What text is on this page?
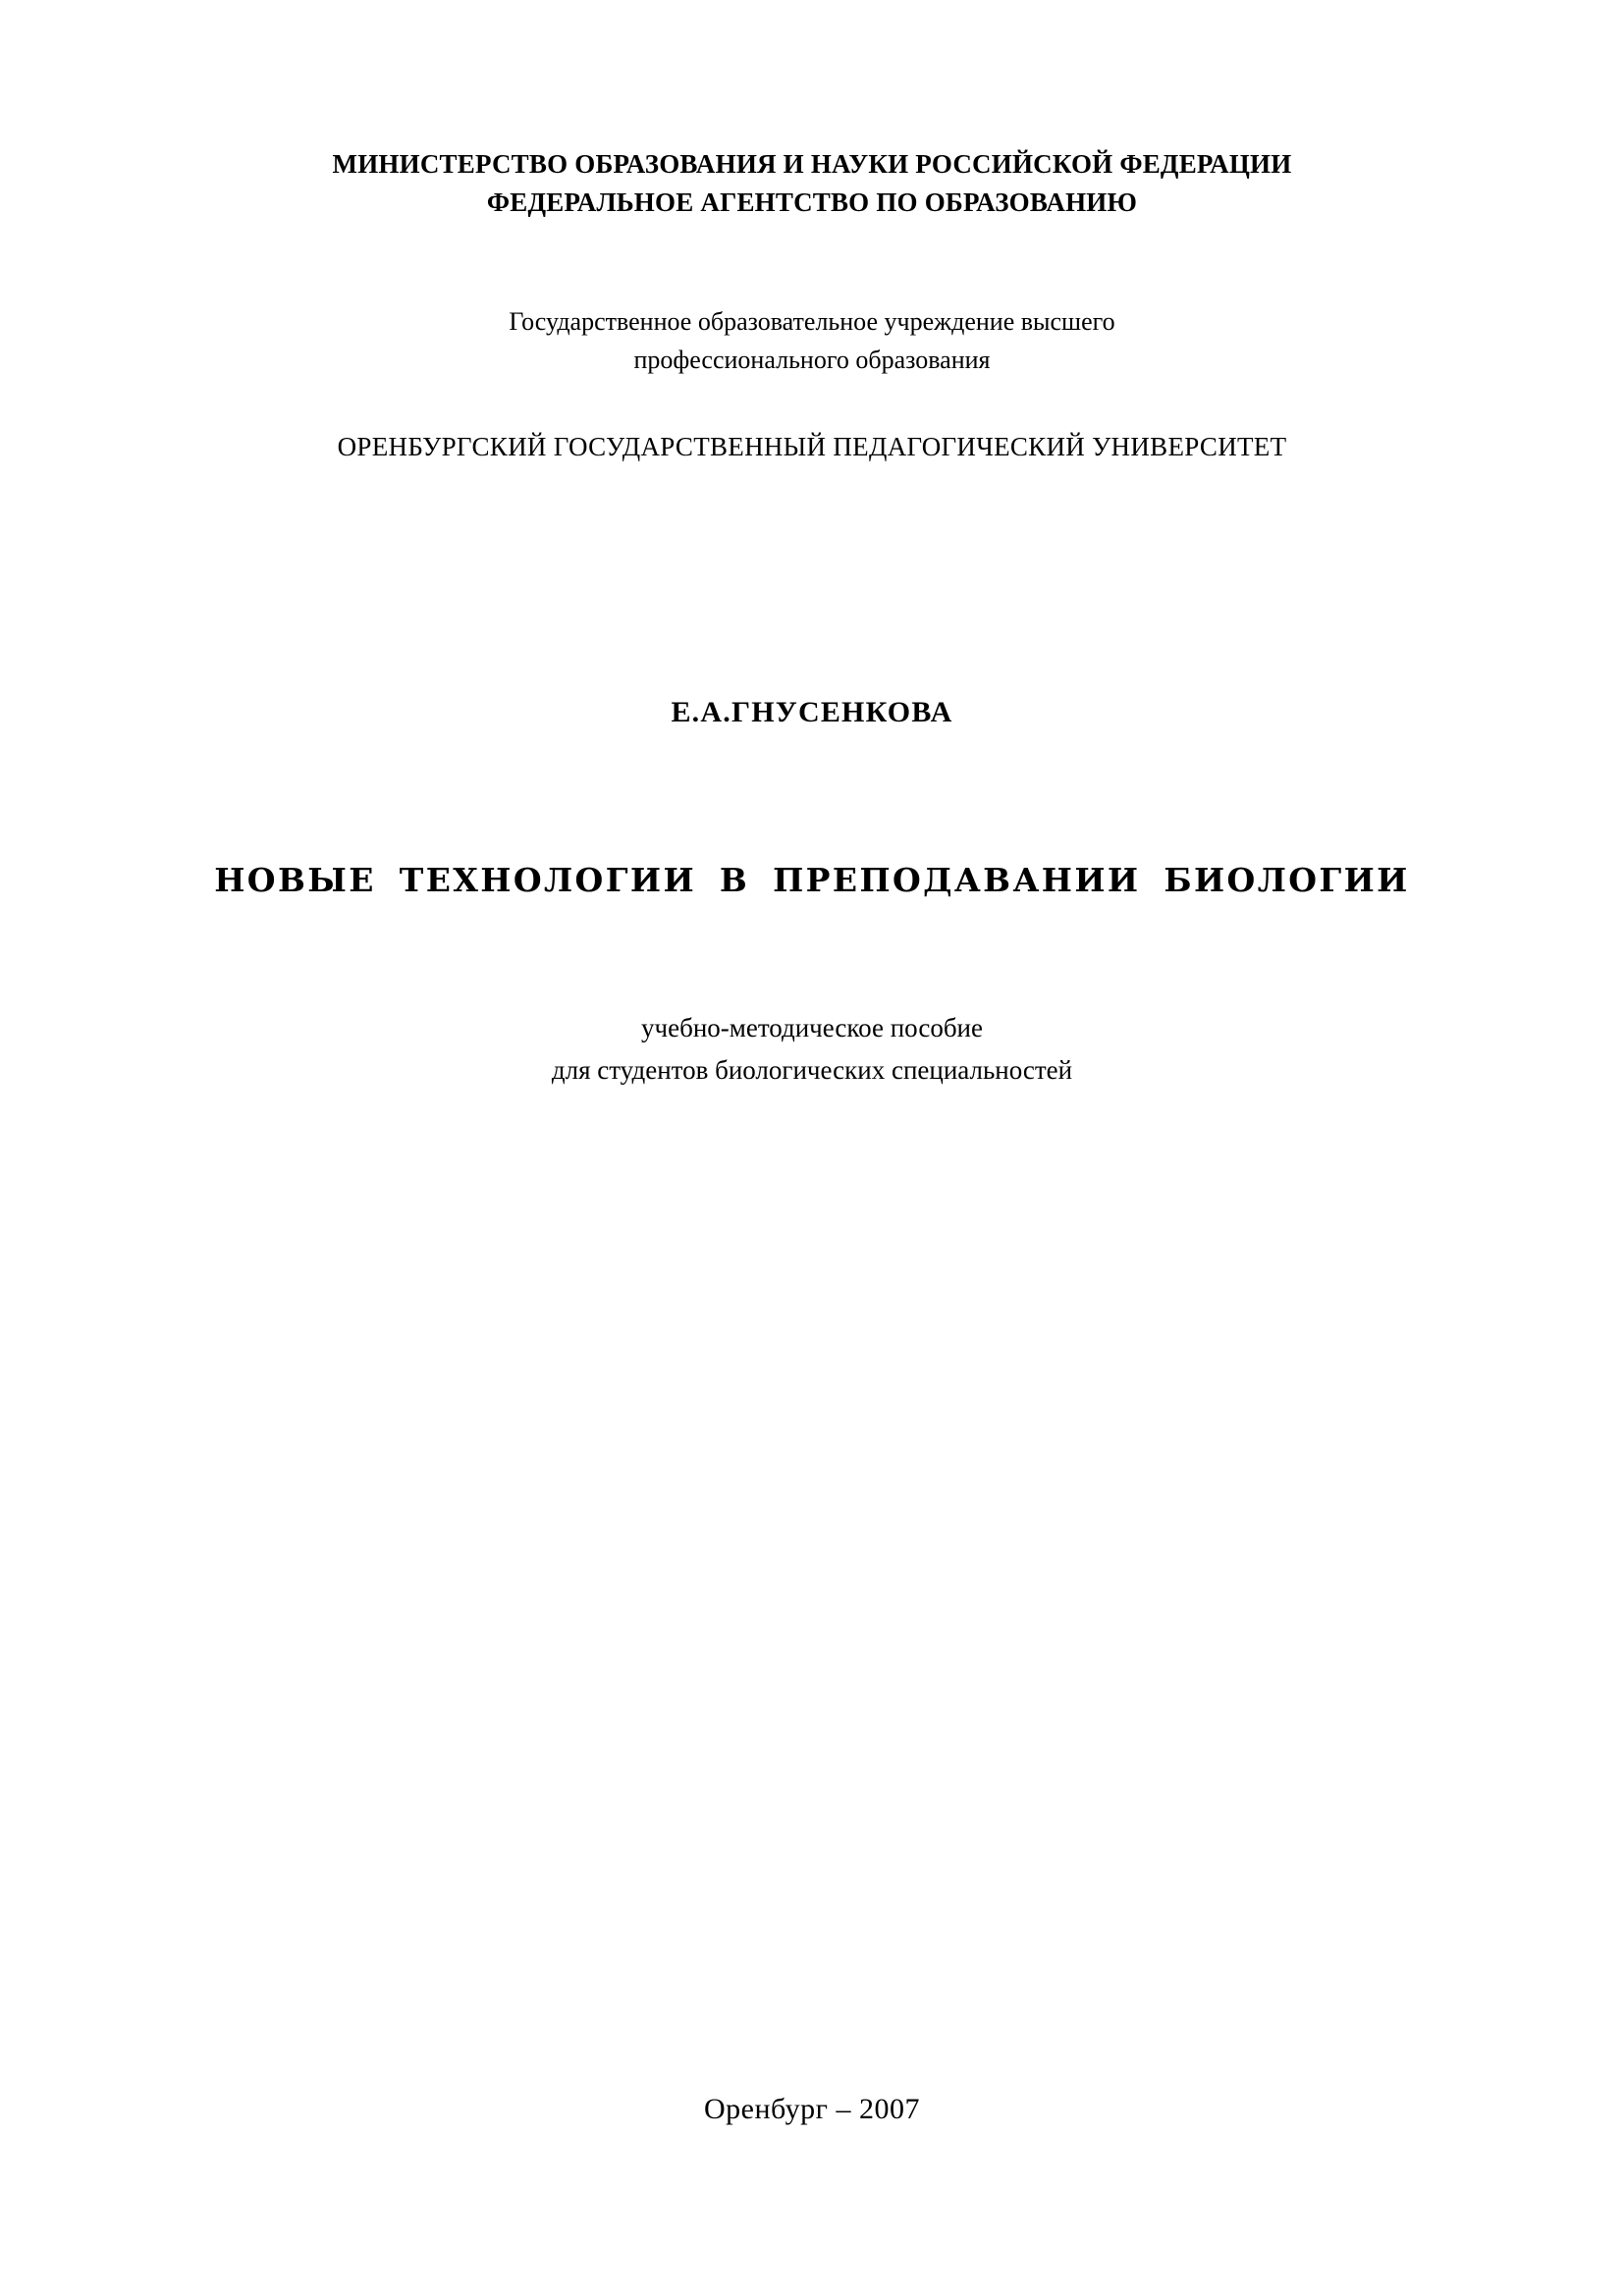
МИНИСТЕРСТВО ОБРАЗОВАНИЯ И НАУКИ РОССИЙСКОЙ ФЕДЕРАЦИИ
ФЕДЕРАЛЬНОЕ АГЕНТСТВО ПО ОБРАЗОВАНИЮ
Государственное образовательное учреждение высшего
профессионального образования
ОРЕНБУРГСКИЙ ГОСУДАРСТВЕННЫЙ ПЕДАГОГИЧЕСКИЙ УНИВЕРСИТЕТ
Е.А.ГНУСЕНКОВА
НОВЫЕ ТЕХНОЛОГИИ В ПРЕПОДАВАНИИ БИОЛОГИИ
учебно-методическое пособие
для студентов биологических специальностей
Оренбург – 2007
